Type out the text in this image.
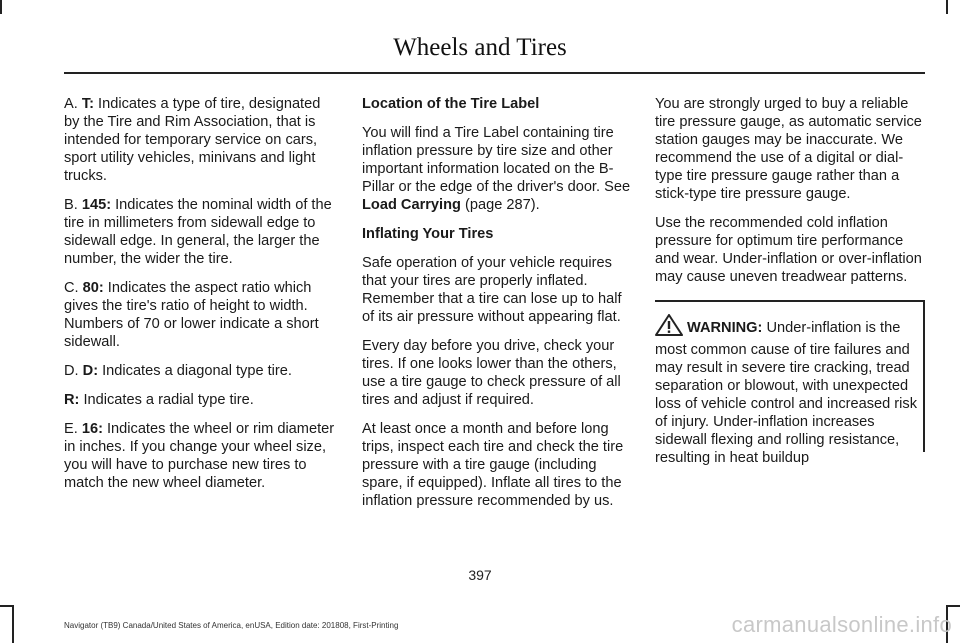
Wheels and Tires

A. T: Indicates a type of tire, designated by the Tire and Rim Association, that is intended for temporary service on cars, sport utility vehicles, minivans and light trucks.

B. 145: Indicates the nominal width of the tire in millimeters from sidewall edge to sidewall edge. In general, the larger the number, the wider the tire.

C. 80: Indicates the aspect ratio which gives the tire's ratio of height to width. Numbers of 70 or lower indicate a short sidewall.

D. D: Indicates a diagonal type tire.

R: Indicates a radial type tire.

E. 16: Indicates the wheel or rim diameter in inches. If you change your wheel size, you will have to purchase new tires to match the new wheel diameter.

Location of the Tire Label

You will find a Tire Label containing tire inflation pressure by tire size and other important information located on the B-Pillar or the edge of the driver's door. See Load Carrying (page 287).

Inflating Your Tires

Safe operation of your vehicle requires that your tires are properly inflated. Remember that a tire can lose up to half of its air pressure without appearing flat.

Every day before you drive, check your tires. If one looks lower than the others, use a tire gauge to check pressure of all tires and adjust if required.

At least once a month and before long trips, inspect each tire and check the tire pressure with a tire gauge (including spare, if equipped). Inflate all tires to the inflation pressure recommended by us.

You are strongly urged to buy a reliable tire pressure gauge, as automatic service station gauges may be inaccurate. We recommend the use of a digital or dial-type tire pressure gauge rather than a stick-type tire pressure gauge.

Use the recommended cold inflation pressure for optimum tire performance and wear. Under-inflation or over-inflation may cause uneven treadwear patterns.

WARNING: Under-inflation is the most common cause of tire failures and may result in severe tire cracking, tread separation or blowout, with unexpected loss of vehicle control and increased risk of injury. Under-inflation increases sidewall flexing and rolling resistance, resulting in heat buildup
397
Navigator (TB9) Canada/United States of America, enUSA, Edition date: 201808, First-Printing	carmanualsonline.info
